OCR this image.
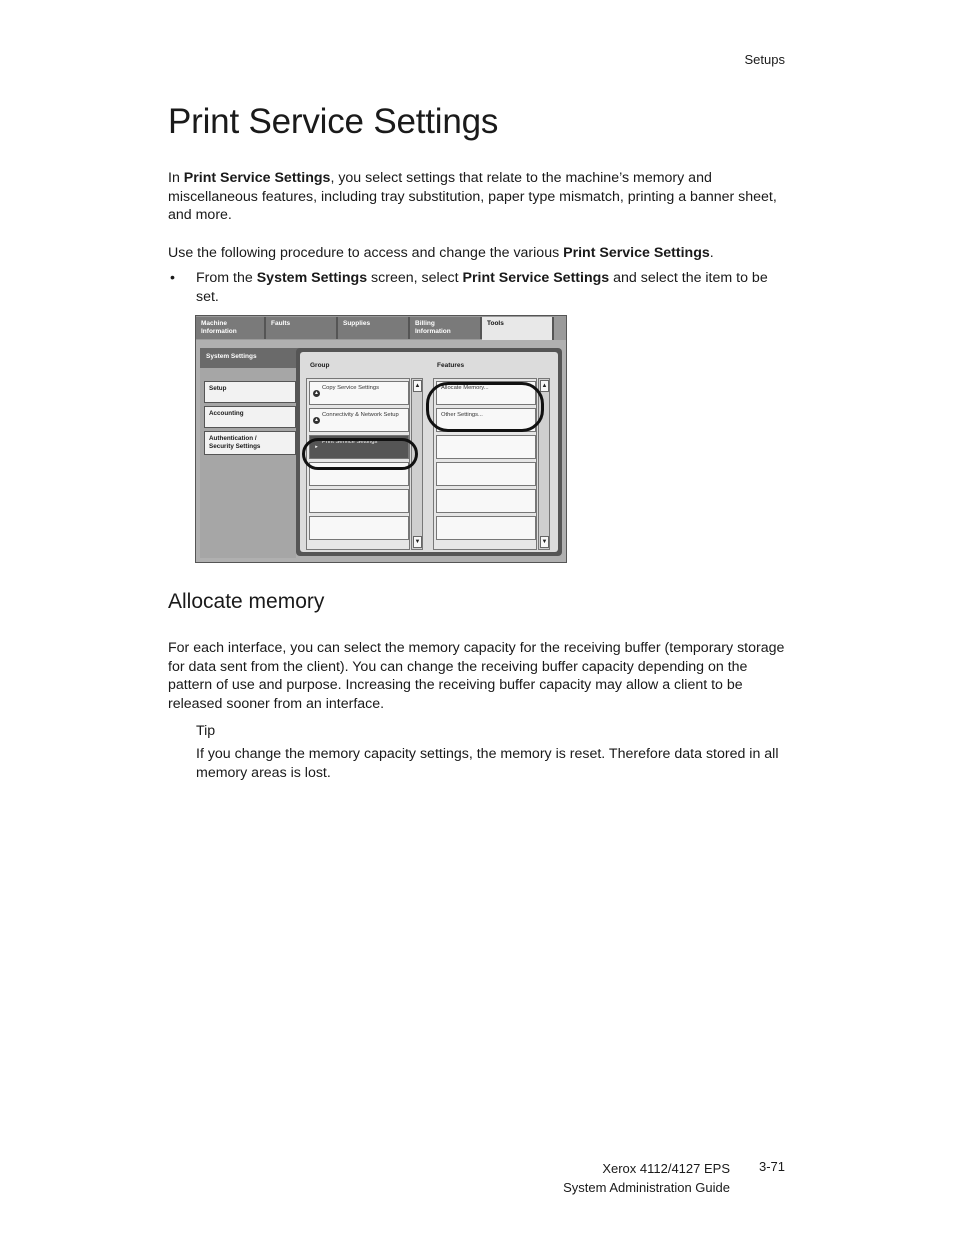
Setups
Print Service Settings

In Print Service Settings, you select settings that relate to the machine’s memory and miscellaneous features, including tray substitution, paper type mismatch, printing a banner sheet, and more.

Use the following procedure to access and change the various Print Service Settings.

• From the System Settings screen, select Print Service Settings and select the item to be set.
Machine
Information
Faults	Supplies	Billing
Information
Tools
System Settings
Setup
Accounting
Authentication /
Security Settings
Group	Features
▲
Copy Service Settings
▲
Connectivity & Network Setup
▸
Print Service Settings
▲
▼
Allocate Memory...
Other Settings...
▲
▼
Allocate memory

For each interface, you can select the memory capacity for the receiving buffer (temporary storage for data sent from the client). You can change the receiving buffer capacity depending on the pattern of use and purpose. Increasing the receiving buffer capacity may allow a client to be released sooner from an interface.

Tip

If you change the memory capacity settings, the memory is reset. Therefore data stored in all memory areas is lost.

Xerox 4112/4127 EPS
System Administration Guide
3-71
